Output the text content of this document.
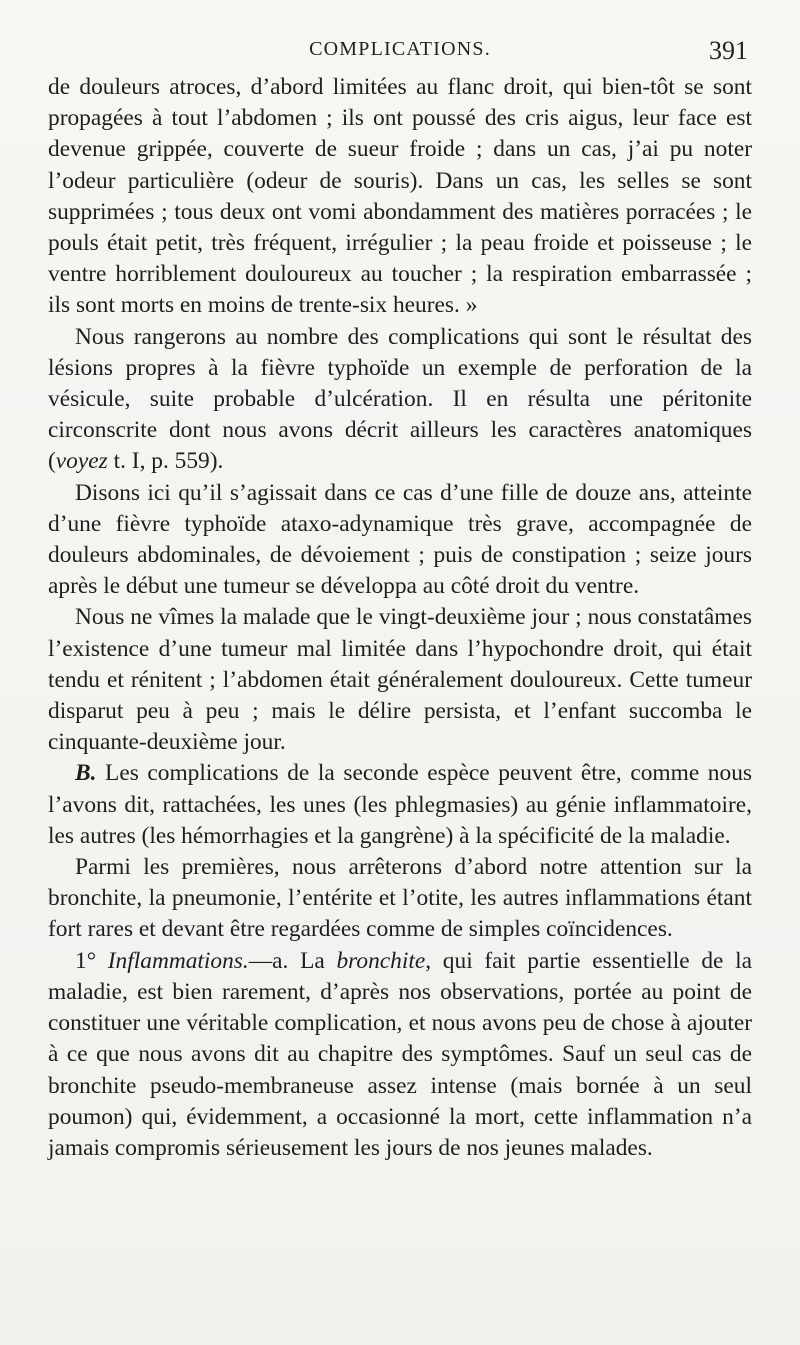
COMPLICATIONS.	391

de douleurs atroces, d’abord limitées au flanc droit, qui bien-tôt se sont propagées à tout l’abdomen ; ils ont poussé des cris aigus, leur face est devenue grippée, couverte de sueur froide ; dans un cas, j’ai pu noter l’odeur particulière (odeur de souris). Dans un cas, les selles se sont supprimées ; tous deux ont vomi abondamment des matières porracées ; le pouls était petit, très fréquent, irrégulier ; la peau froide et poisseuse ; le ventre horriblement douloureux au toucher ; la respiration embarrassée ; ils sont morts en moins de trente-six heures. »

Nous rangerons au nombre des complications qui sont le résultat des lésions propres à la fièvre typhoïde un exemple de perforation de la vésicule, suite probable d’ulcération. Il en résulta une péritonite circonscrite dont nous avons décrit ailleurs les caractères anatomiques (voyez t. I, p. 559).

Disons ici qu’il s’agissait dans ce cas d’une fille de douze ans, atteinte d’une fièvre typhoïde ataxo-adynamique très grave, accompagnée de douleurs abdominales, de dévoiement ; puis de constipation ; seize jours après le début une tumeur se développa au côté droit du ventre.

Nous ne vîmes la malade que le vingt-deuxième jour ; nous constatâmes l’existence d’une tumeur mal limitée dans l’hypochondre droit, qui était tendu et rénitent ; l’abdomen était généralement douloureux. Cette tumeur disparut peu à peu ; mais le délire persista, et l’enfant succomba le cinquante-deuxième jour.

B. Les complications de la seconde espèce peuvent être, comme nous l’avons dit, rattachées, les unes (les phlegmasies) au génie inflammatoire, les autres (les hémorrhagies et la gangrène) à la spécificité de la maladie.

Parmi les premières, nous arrêterons d’abord notre attention sur la bronchite, la pneumonie, l’entérite et l’otite, les autres inflammations étant fort rares et devant être regardées comme de simples coïncidences.

1° Inflammations.—a. La bronchite, qui fait partie essentielle de la maladie, est bien rarement, d’après nos observations, portée au point de constituer une véritable complication, et nous avons peu de chose à ajouter à ce que nous avons dit au chapitre des symptômes. Sauf un seul cas de bronchite pseudo-membraneuse assez intense (mais bornée à un seul poumon) qui, évidemment, a occasionné la mort, cette inflammation n’a jamais compromis sérieusement les jours de nos jeunes malades.
